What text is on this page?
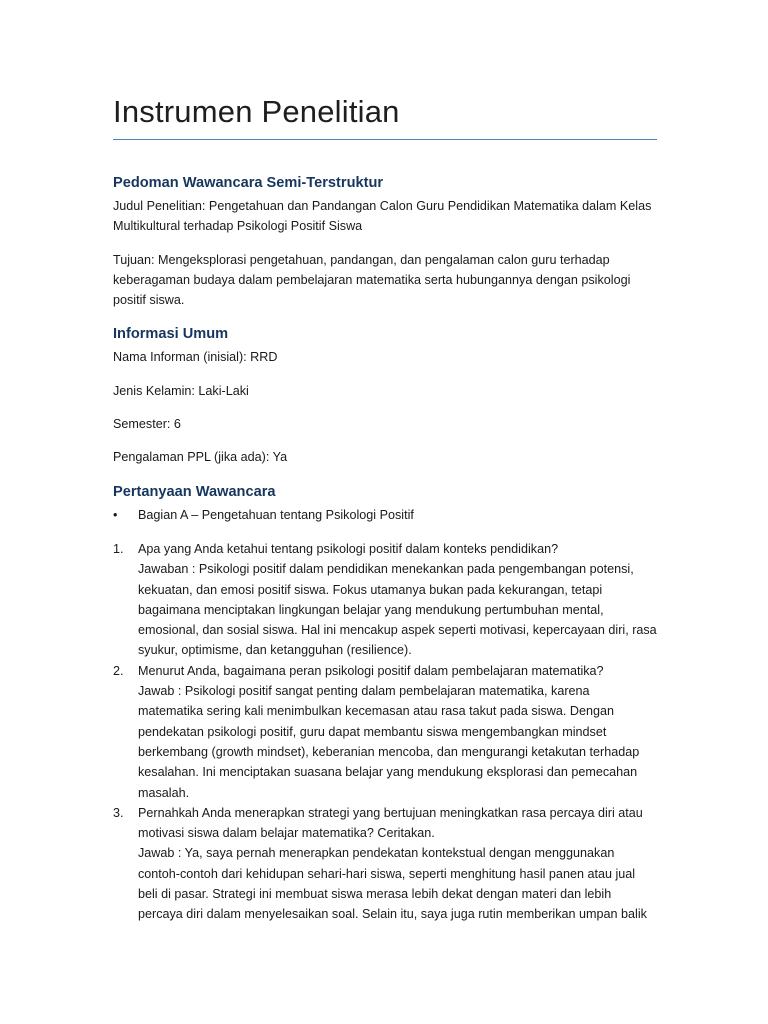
Instrumen Penelitian
Pedoman Wawancara Semi-Terstruktur

Judul Penelitian: Pengetahuan dan Pandangan Calon Guru Pendidikan Matematika dalam Kelas Multikultural terhadap Psikologi Positif Siswa

Tujuan: Mengeksplorasi pengetahuan, pandangan, dan pengalaman calon guru terhadap keberagaman budaya dalam pembelajaran matematika serta hubungannya dengan psikologi positif siswa.

Informasi Umum

Nama Informan (inisial): RRD

Jenis Kelamin: Laki-Laki

Semester: 6

Pengalaman PPL (jika ada): Ya

Pertanyaan Wawancara
•	Bagian A – Pengetahuan tentang Psikologi Positif
1.	Apa yang Anda ketahui tentang psikologi positif dalam konteks pendidikan?

Jawaban : Psikologi positif dalam pendidikan menekankan pada pengembangan potensi, kekuatan, dan emosi positif siswa. Fokus utamanya bukan pada kekurangan, tetapi bagaimana menciptakan lingkungan belajar yang mendukung pertumbuhan mental, emosional, dan sosial siswa. Hal ini mencakup aspek seperti motivasi, kepercayaan diri, rasa syukur, optimisme, dan ketangguhan (resilience).

2.	Menurut Anda, bagaimana peran psikologi positif dalam pembelajaran matematika?

Jawab : Psikologi positif sangat penting dalam pembelajaran matematika, karena matematika sering kali menimbulkan kecemasan atau rasa takut pada siswa. Dengan pendekatan psikologi positif, guru dapat membantu siswa mengembangkan mindset berkembang (growth mindset), keberanian mencoba, dan mengurangi ketakutan terhadap kesalahan. Ini menciptakan suasana belajar yang mendukung eksplorasi dan pemecahan masalah.

3.	Pernahkah Anda menerapkan strategi yang bertujuan meningkatkan rasa percaya diri atau motivasi siswa dalam belajar matematika? Ceritakan.

Jawab : Ya, saya pernah menerapkan pendekatan kontekstual dengan menggunakan contoh-contoh dari kehidupan sehari-hari siswa, seperti menghitung hasil panen atau jual beli di pasar. Strategi ini membuat siswa merasa lebih dekat dengan materi dan lebih percaya diri dalam menyelesaikan soal. Selain itu, saya juga rutin memberikan umpan balik
